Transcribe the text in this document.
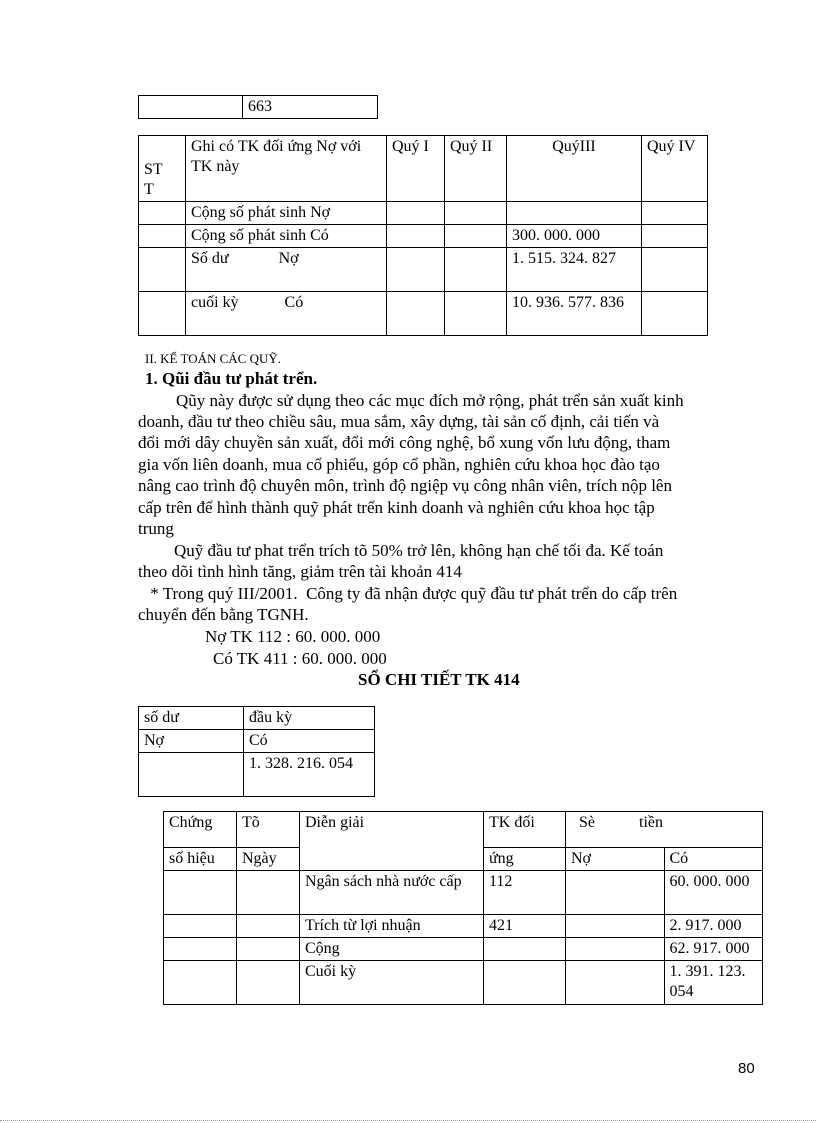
	663
ST
T	Ghi có TK đối ứng Nợ với TK này	Quý I	Quý II	QuýIII	Quý IV
	Cộng số phát sinh Nợ				
	Cộng số phát sinh Có			300. 000. 000	
	Số dư Nợ			1. 515. 324. 827	
	cuối kỳ Có			10. 936. 577. 836	
II. KẾ TOÁN CÁC QUỸ.
1. Qũi đầu tư phát trển.
Qũy này được sử dụng theo các mục đích mở rộng, phát trển sản xuất kinh
doanh, đầu tư theo chiều sâu, mua sắm, xây dựng, tài sản cố định, cải tiến và
đổi mới dây chuyền sản xuất, đổi mới công nghệ, bổ xung vốn lưu động, tham
gia vốn liên doanh, mua cổ phiếu, góp cổ phần, nghiên cứu khoa học đào tạo
nâng cao trình độ chuyên môn, trình độ ngiệp vụ công nhân viên, trích nộp lên
cấp trên để hình thành quỹ phát trển kinh doanh và nghiên cứu khoa học tập
trung
Quỹ đầu tư phat trển trích tõ 50% trở lên, không hạn chế tối đa. Kế toán
theo dõi tình hình tăng, giảm trên tài khoản 414
* Trong quý III/2001.  Công ty đã nhận được quỹ đầu tư phát trển do cấp trên
chuyển đến bằng TGNH.
Nợ TK 112 : 60. 000. 000
Có TK 411 : 60. 000. 000
SỔ CHI TIẾT TK 414
số dư	đầu kỳ
Nợ	Có
	1. 328. 216. 054
Chứng	Tõ	Diễn giải	TK đối	Sè tiền	
số hiệu	Ngày		ứng	Nợ	Có
		Ngân sách nhà nước cấp	112		60. 000. 000
		Trích từ lợi nhuận	421		2. 917. 000
		Cộng			62. 917. 000
		Cuối kỳ			1. 391. 123. 054
80
